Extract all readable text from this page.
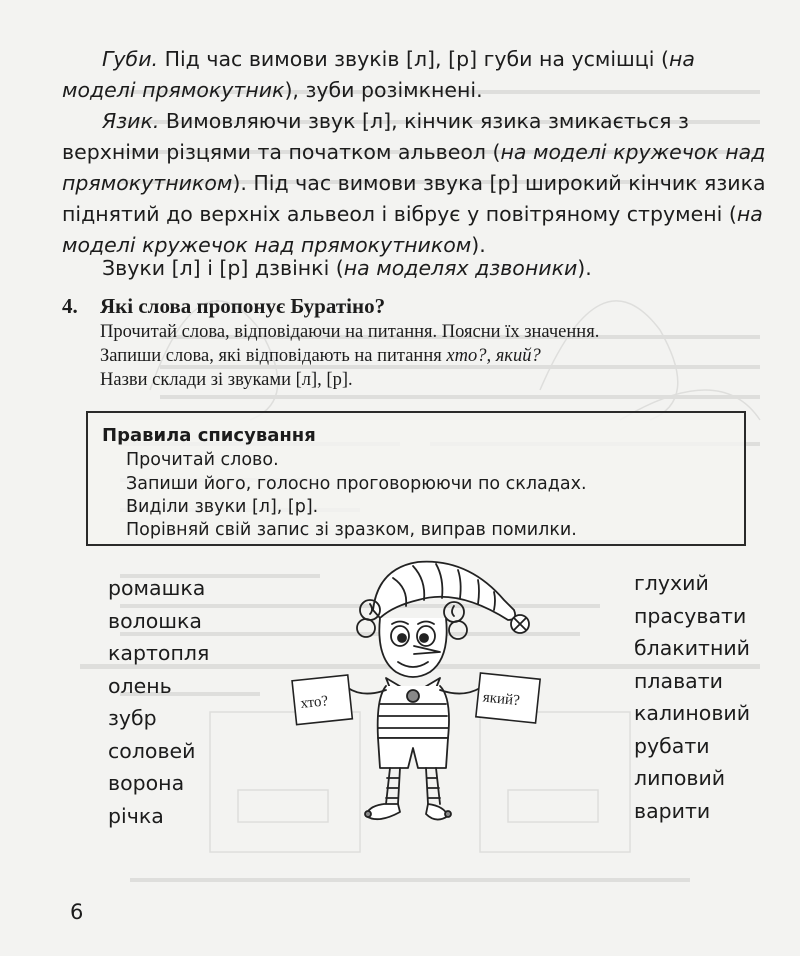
Губи. Під час вимови звуків [л], [р] губи на усмішці (на моделі прямокутник), зуби розімкнені.
Язик. Вимовляючи звук [л], кінчик язика змикається з верхніми різцями та початком альвеол (на моделі кружечок над прямокутником). Під час вимови звука [р] широкий кінчик язика піднятий до верхніх альвеол і вібрує у повітряному струмені (на моделі кружечок над прямокутником).
Звуки [л] і [р] дзвінкі (на моделях дзвоники).
4. Які слова пропонує Буратіно?
Прочитай слова, відповідаючи на питання. Поясни їх значення.
Запиши слова, які відповідають на питання хто?, який?
Назви склади зі звуками [л], [р].
Правила списування
Прочитай слово.
Запиши його, голосно проговорюючи по складах.
Виділи звуки [л], [р].
Порівняй свій запис зі зразком, виправ помилки.
ромашка
волошка
картопля
олень
зубр
соловей
ворона
річка
глухий
прасувати
блакитний
плавати
калиновий
рубати
липовий
варити
хто?	який?
6
